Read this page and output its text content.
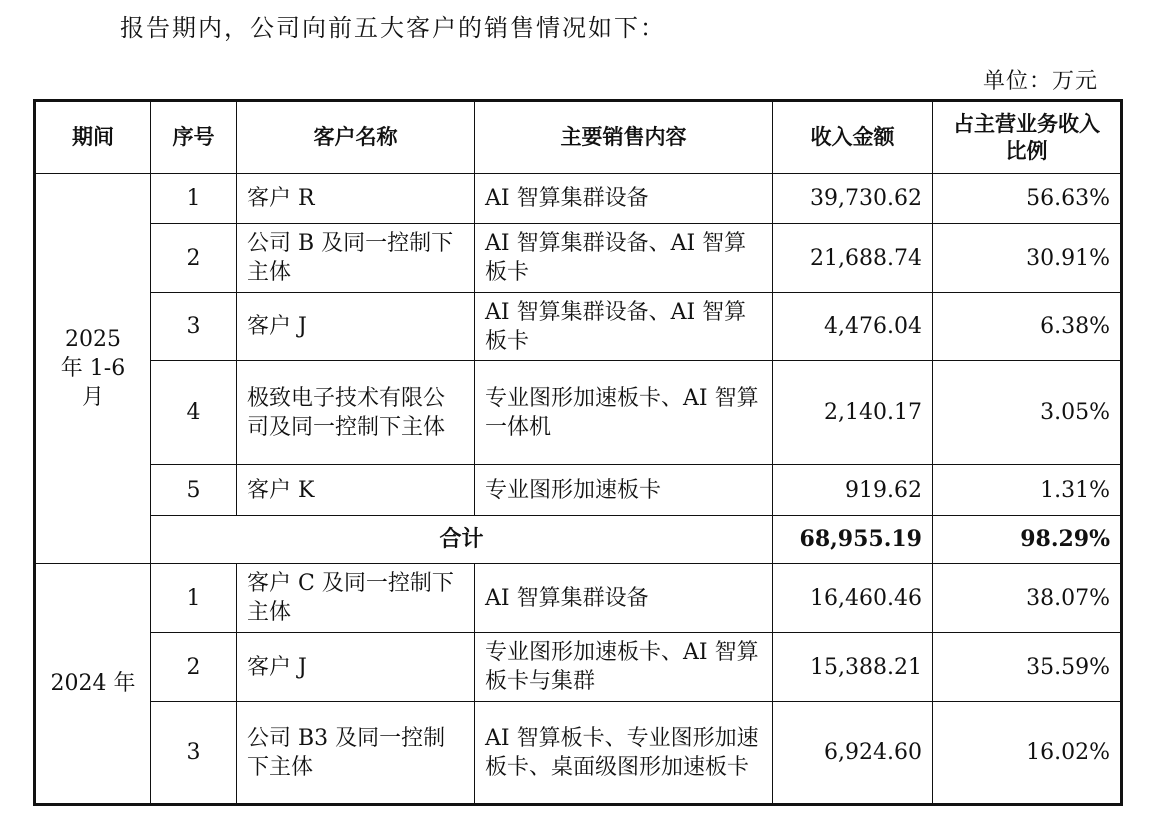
报告期内，公司向前五大客户的销售情况如下：
单位：万元
期间	序号	客户名称	主要销售内容	收入金额	占主营业务收入比例
2025 年 1-6 月	1	客户 R	AI 智算集群设备	39,730.62	56.63%
	2	公司 B 及同一控制下主体	AI 智算集群设备、AI 智算板卡	21,688.74	30.91%
	3	客户 J	AI 智算集群设备、AI 智算板卡	4,476.04	6.38%
	4	极致电子技术有限公司及同一控制下主体	专业图形加速板卡、AI 智算一体机	2,140.17	3.05%
	5	客户 K	专业图形加速板卡	919.62	1.31%
	合计			68,955.19	98.29%
2024 年	1	客户 C 及同一控制下主体	AI 智算集群设备	16,460.46	38.07%
	2	客户 J	专业图形加速板卡、AI 智算板卡与集群	15,388.21	35.59%
	3	公司 B3 及同一控制下主体	AI 智算板卡、专业图形加速板卡、桌面级图形加速板卡	6,924.60	16.02%
